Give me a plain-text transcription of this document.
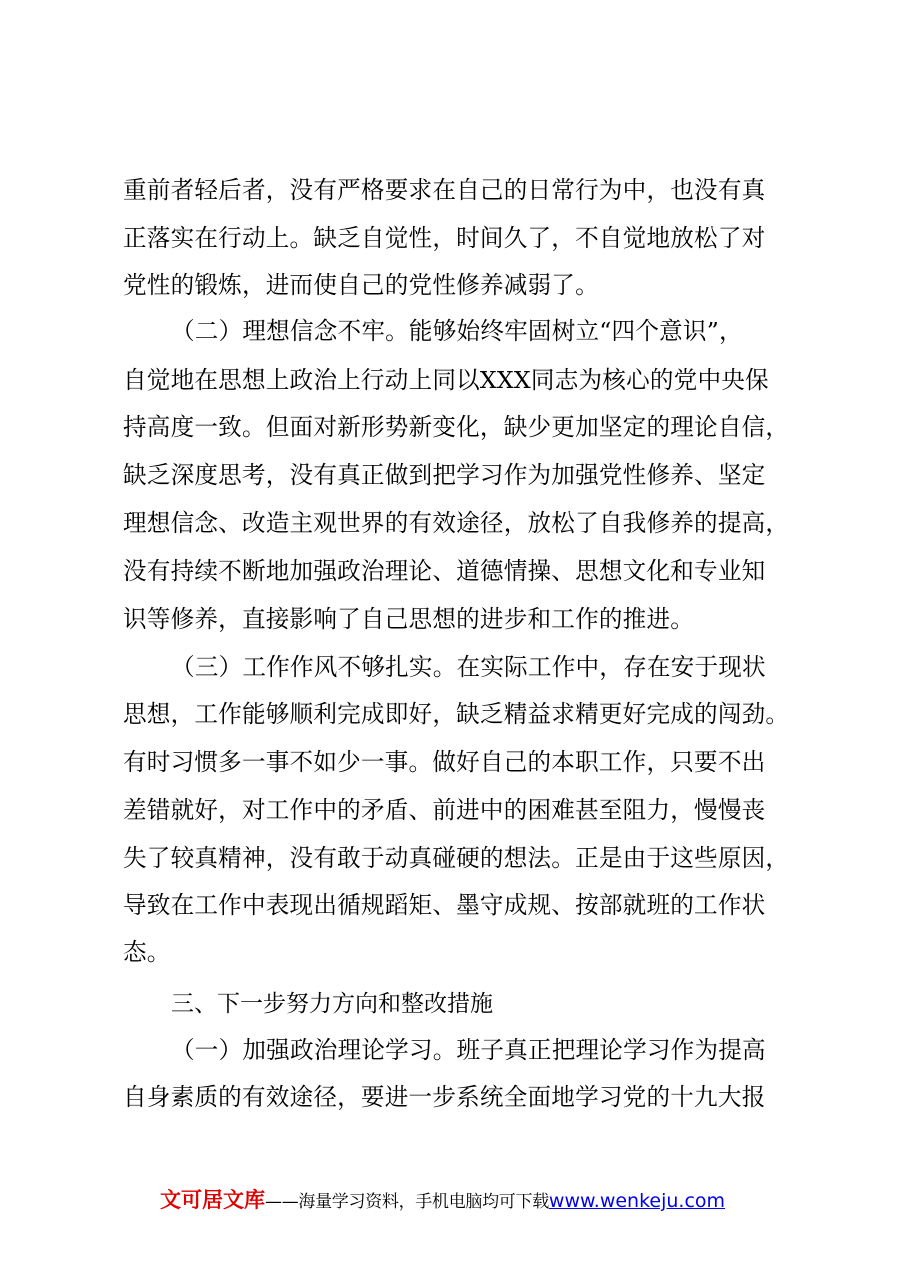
重前者轻后者，没有严格要求在自己的日常行为中，也没有真
正落实在行动上。缺乏自觉性，时间久了，不自觉地放松了对
党性的锻炼，进而使自己的党性修养减弱了。
（二）理想信念不牢。能够始终牢固树立“四个意识”，
自觉地在思想上政治上行动上同以XXX同志为核心的党中央保
持高度一致。但面对新形势新变化，缺少更加坚定的理论自信，
缺乏深度思考，没有真正做到把学习作为加强党性修养、坚定
理想信念、改造主观世界的有效途径，放松了自我修养的提高，
没有持续不断地加强政治理论、道德情操、思想文化和专业知
识等修养，直接影响了自己思想的进步和工作的推进。
（三）工作作风不够扎实。在实际工作中，存在安于现状
思想，工作能够顺利完成即好，缺乏精益求精更好完成的闯劲。
有时习惯多一事不如少一事。做好自己的本职工作，只要不出
差错就好，对工作中的矛盾、前进中的困难甚至阻力，慢慢丧
失了较真精神，没有敢于动真碰硬的想法。正是由于这些原因，
导致在工作中表现出循规蹈矩、墨守成规、按部就班的工作状
态。
三、下一步努力方向和整改措施
（一）加强政治理论学习。班子真正把理论学习作为提高
自身素质的有效途径，要进一步系统全面地学习党的十九大报
文可居文库——海量学习资料，手机电脑均可下载www.wenkeju.com
